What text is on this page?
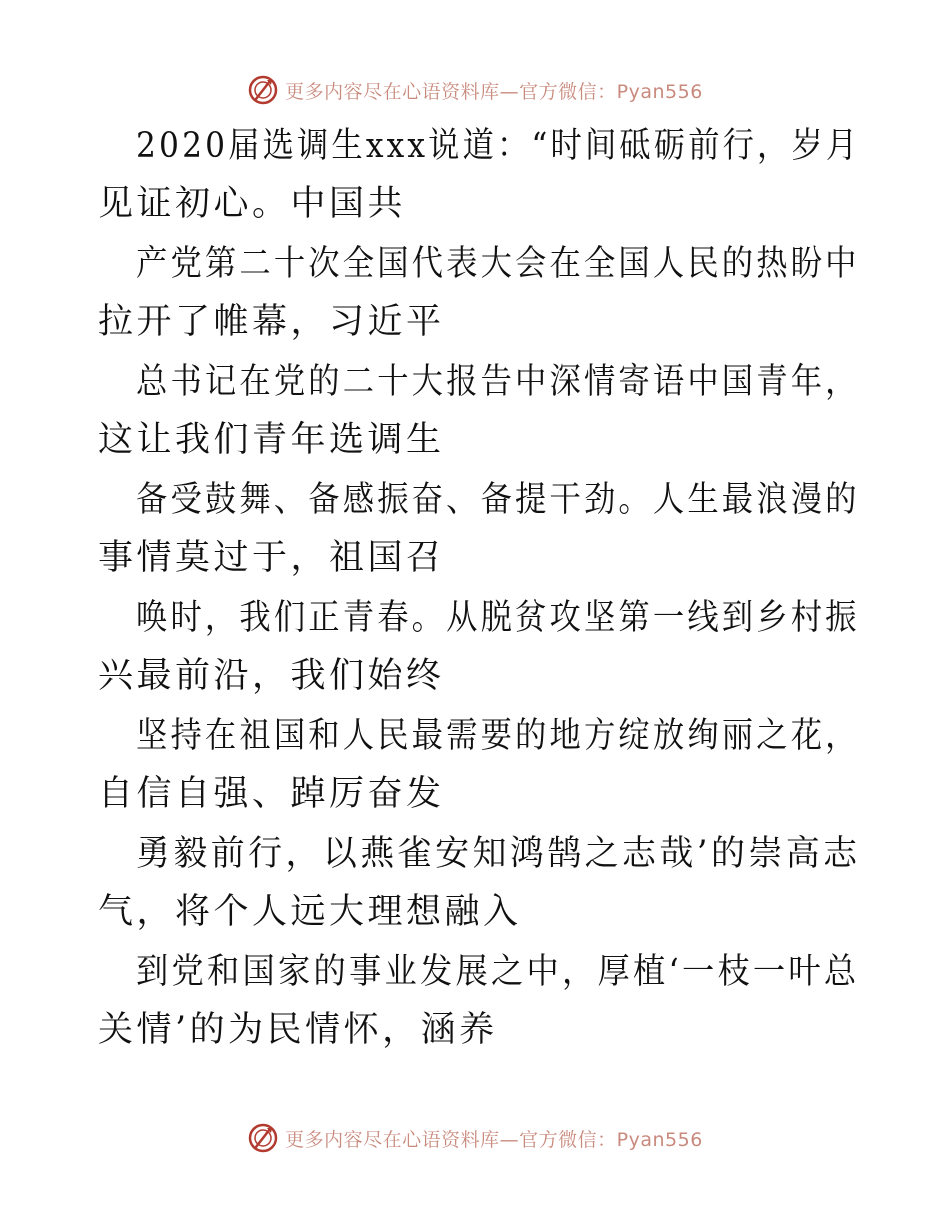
更多内容尽在心语资料库—官方微信：Pyan556
2020届选调生xxx说道：“时间砥砺前行，岁月
见证初心。中国共
产党第二十次全国代表大会在全国人民的热盼中
拉开了帷幕，习近平
总书记在党的二十大报告中深情寄语中国青年，
这让我们青年选调生
备受鼓舞、备感振奋、备提干劲。人生最浪漫的
事情莫过于，祖国召
唤时，我们正青春。从脱贫攻坚第一线到乡村振
兴最前沿，我们始终
坚持在祖国和人民最需要的地方绽放绚丽之花，
自信自强、踔厉奋发
勇毅前行，以燕雀安知鸿鹄之志哉’的崇高志
气，将个人远大理想融入
到党和国家的事业发展之中，厚植‘一枝一叶总
关情’的为民情怀，涵养
更多内容尽在心语资料库—官方微信：Pyan556
